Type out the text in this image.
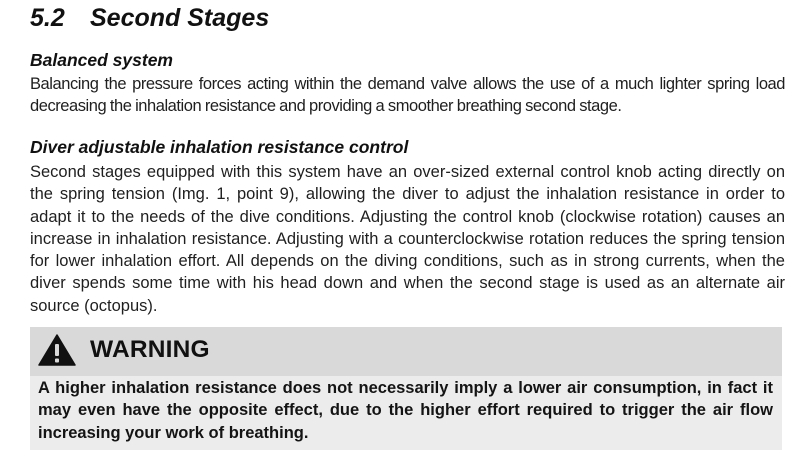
5.2 Second Stages
Balanced system

Balancing the pressure forces acting within the demand valve allows the use of a much lighter spring load decreasing the inhalation resistance and providing a smoother breathing second stage.

Diver adjustable inhalation resistance control

Second stages equipped with this system have an over-sized external control knob acting directly on the spring tension (Img. 1, point 9), allowing the diver to adjust the inhalation resistance in order to adapt it to the needs of the dive conditions. Adjusting the control knob (clockwise rotation) causes an increase in inhalation resistance. Adjusting with a counterclockwise rotation reduces the spring tension for lower inhalation effort. All depends on the diving conditions, such as in strong currents, when the diver spends some time with his head down and when the second stage is used as an alternate air source (octopus).

WARNING

A higher inhalation resistance does not necessarily imply a lower air consumption, in fact it may even have the opposite effect, due to the higher effort required to trigger the air flow increasing your work of breathing.
